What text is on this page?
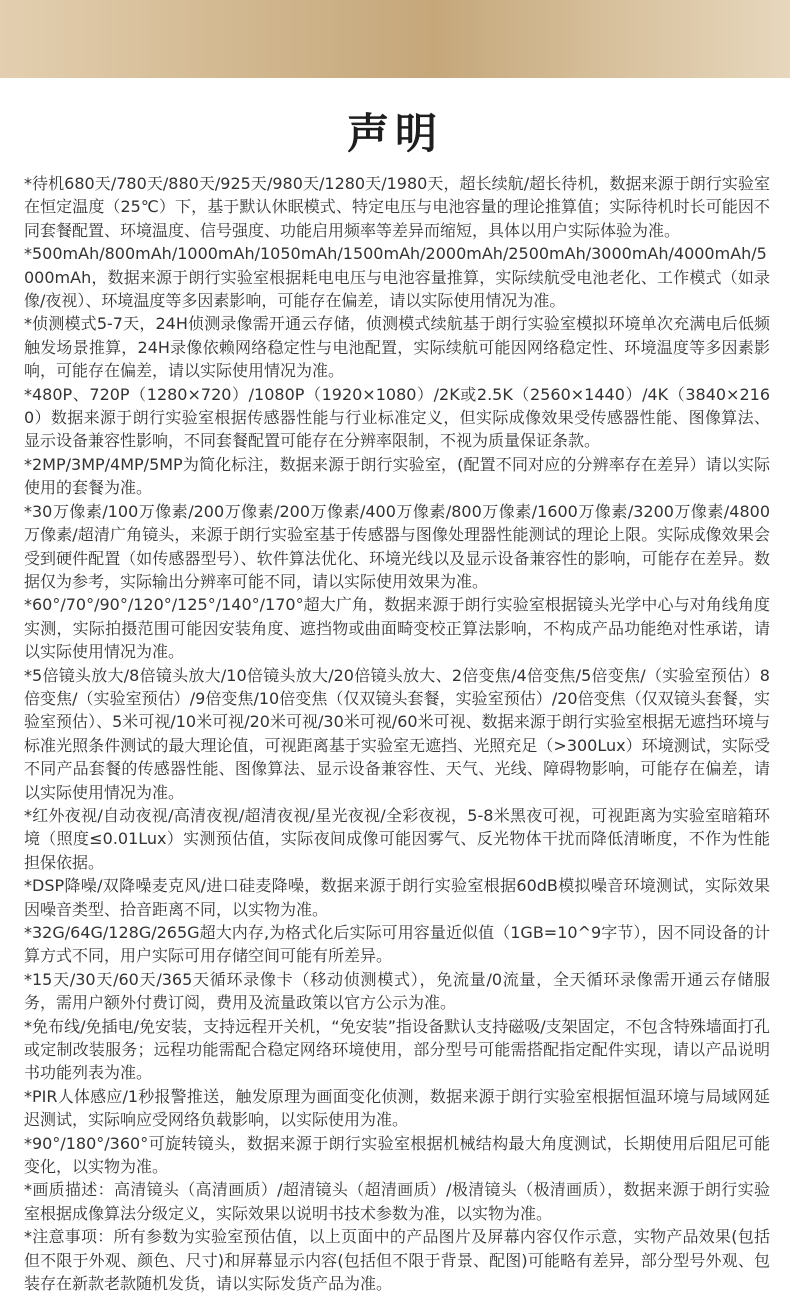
声明

*待机680天/780天/880天/925天/980天/1280天/1980天，超长续航/超长待机，数据来源于朗行实验室在恒定温度（25℃）下，基于默认休眠模式、特定电压与电池容量的理论推算值；实际待机时长可能因不同套餐配置、环境温度、信号强度、功能启用频率等差异而缩短，具体以用户实际体验为准。

*500mAh/800mAh/1000mAh/1050mAh/1500mAh/2000mAh/2500mAh/3000mAh/4000mAh/5000mAh，数据来源于朗行实验室根据耗电电压与电池容量推算，实际续航受电池老化、工作模式（如录像/夜视）、环境温度等多因素影响，可能存在偏差，请以实际使用情况为准。

*侦测模式5-7天，24H侦测录像需开通云存储，侦测模式续航基于朗行实验室模拟环境单次充满电后低频触发场景推算，24H录像依赖网络稳定性与电池配置，实际续航可能因网络稳定性、环境温度等多因素影响，可能存在偏差，请以实际使用情况为准。

*480P、720P（1280×720）/1080P（1920×1080）/2K或2.5K（2560×1440）/4K（3840×2160）数据来源于朗行实验室根据传感器性能与行业标准定义，但实际成像效果受传感器性能、图像算法、显示设备兼容性影响，不同套餐配置可能存在分辨率限制，不视为质量保证条款。

*2MP/3MP/4MP/5MP为简化标注，数据来源于朗行实验室，(配置不同对应的分辨率存在差异）请以实际使用的套餐为准。

*30万像素/100万像素/200万像素/200万像素/400万像素/800万像素/1600万像素/3200万像素/4800万像素/超清广角镜头，来源于朗行实验室基于传感器与图像处理器性能测试的理论上限。实际成像效果会受到硬件配置（如传感器型号）、软件算法优化、环境光线以及显示设备兼容性的影响，可能存在差异。数据仅为参考，实际输出分辨率可能不同，请以实际使用效果为准。

*60°/70°/90°/120°/125°/140°/170°超大广角，数据来源于朗行实验室根据镜头光学中心与对角线角度实测，实际拍摄范围可能因安装角度、遮挡物或曲面畸变校正算法影响，不构成产品功能绝对性承诺，请以实际使用情况为准。

*5倍镜头放大/8倍镜头放大/10倍镜头放大/20倍镜头放大、2倍变焦/4倍变焦/5倍变焦/（实验室预估）8倍变焦/（实验室预估）/9倍变焦/10倍变焦（仅双镜头套餐，实验室预估）/20倍变焦（仅双镜头套餐，实验室预估）、5米可视/10米可视/20米可视/30米可视/60米可视、数据来源于朗行实验室根据无遮挡环境与标准光照条件测试的最大理论值，可视距离基于实验室无遮挡、光照充足（>300Lux）环境测试，实际受不同产品套餐的传感器性能、图像算法、显示设备兼容性、天气、光线、障碍物影响，可能存在偏差，请以实际使用情况为准。

*红外夜视/自动夜视/高清夜视/超清夜视/星光夜视/全彩夜视，5-8米黑夜可视，可视距离为实验室暗箱环境（照度≤0.01Lux）实测预估值，实际夜间成像可能因雾气、反光物体干扰而降低清晰度，不作为性能担保依据。

*DSP降噪/双降噪麦克风/进口硅麦降噪，数据来源于朗行实验室根据60dB模拟噪音环境测试，实际效果因噪音类型、拾音距离不同，以实物为准。

*32G/64G/128G/265G超大内存,为格式化后实际可用容量近似值（1GB=10^9字节），因不同设备的计算方式不同，用户实际可用存储空间可能有所差异。

*15天/30天/60天/365天循环录像卡（移动侦测模式），免流量/0流量，全天循环录像需开通云存储服务，需用户额外付费订阅，费用及流量政策以官方公示为准。

*免布线/免插电/免安装，支持远程开关机，“免安装”指设备默认支持磁吸/支架固定，不包含特殊墙面打孔或定制改装服务；远程功能需配合稳定网络环境使用，部分型号可能需搭配指定配件实现，请以产品说明书功能列表为准。

*PIR人体感应/1秒报警推送，触发原理为画面变化侦测，数据来源于朗行实验室根据恒温环境与局域网延迟测试，实际响应受网络负载影响，以实际使用为准。

*90°/180°/360°可旋转镜头，数据来源于朗行实验室根据机械结构最大角度测试，长期使用后阻尼可能变化，以实物为准。

*画质描述：高清镜头（高清画质）/超清镜头（超清画质）/极清镜头（极清画质），数据来源于朗行实验室根据成像算法分级定义，实际效果以说明书技术参数为准，以实物为准。

*注意事项：所有参数为实验室预估值，以上页面中的产品图片及屏幕内容仅作示意，实物产品效果(包括但不限于外观、颜色、尺寸)和屏幕显示内容(包括但不限于背景、配图)可能略有差异，部分型号外观、包装存在新款老款随机发货，请以实际发货产品为准。
